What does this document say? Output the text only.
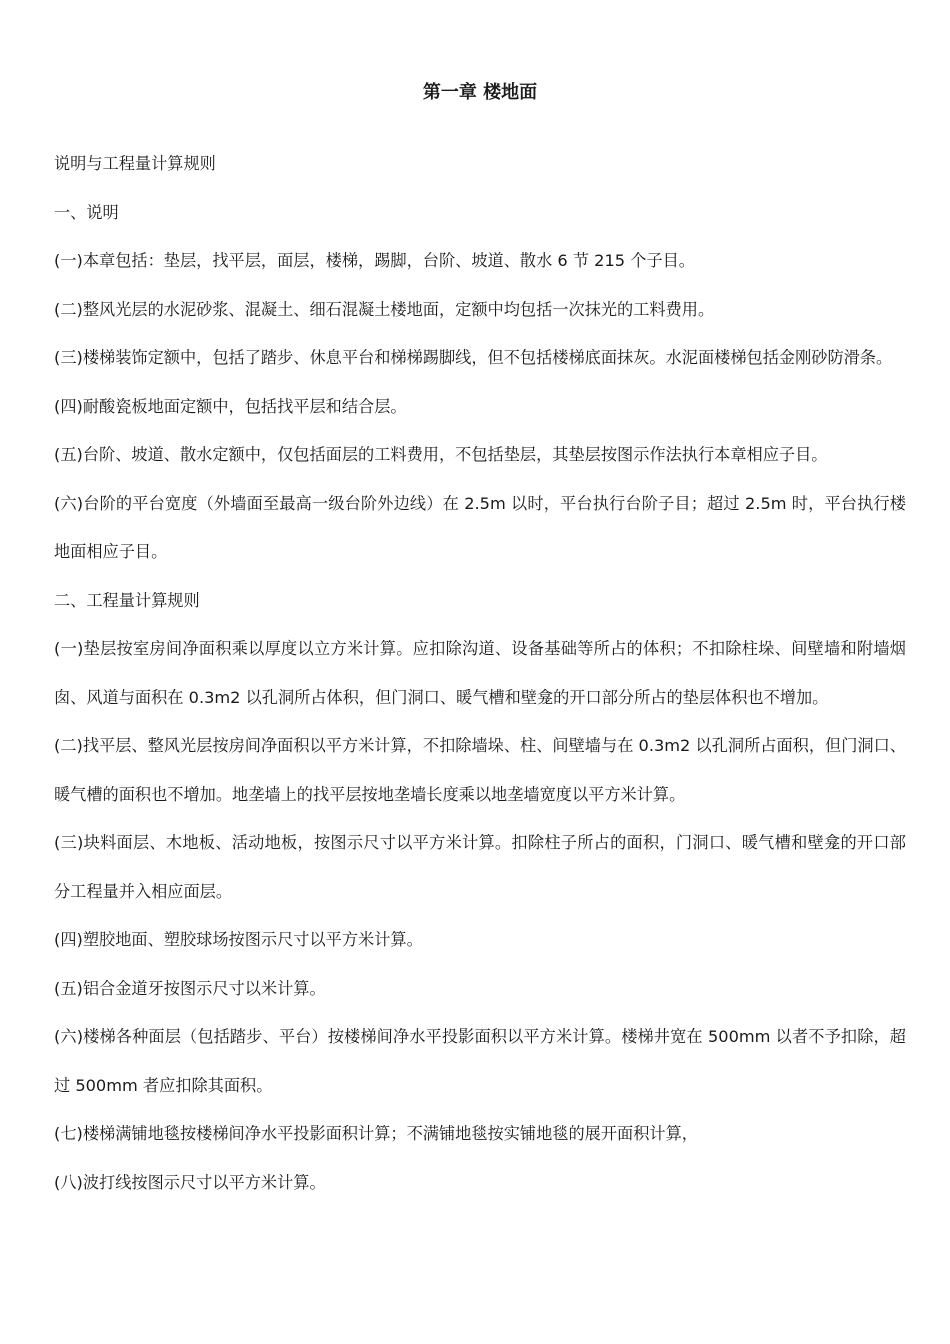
第一章 楼地面

说明与工程量计算规则

一、说明

(一)本章包括：垫层，找平层，面层，楼梯，踢脚，台阶、坡道、散水 6 节 215 个子目。

(二)整风光层的水泥砂浆、混凝土、细石混凝土楼地面，定额中均包括一次抹光的工料费用。

(三)楼梯装饰定额中，包括了踏步、休息平台和梯梯踢脚线，但不包括楼梯底面抹灰。水泥面楼梯包括金刚砂防滑条。

(四)耐酸瓷板地面定额中，包括找平层和结合层。

(五)台阶、坡道、散水定额中，仅包括面层的工料费用，不包括垫层，其垫层按图示作法执行本章相应子目。

(六)台阶的平台宽度（外墙面至最高一级台阶外边线）在 2.5m 以时，平台执行台阶子目；超过 2.5m 时，平台执行楼地面相应子目。

二、工程量计算规则

(一)垫层按室房间净面积乘以厚度以立方米计算。应扣除沟道、设备基础等所占的体积；不扣除柱垛、间壁墙和附墙烟囱、风道与面积在 0.3m2 以孔洞所占体积，但门洞口、暖气槽和壁龛的开口部分所占的垫层体积也不增加。

(二)找平层、整风光层按房间净面积以平方米计算，不扣除墙垛、柱、间壁墙与在 0.3m2 以孔洞所占面积，但门洞口、暖气槽的面积也不增加。地垄墙上的找平层按地垄墙长度乘以地垄墙宽度以平方米计算。

(三)块料面层、木地板、活动地板，按图示尺寸以平方米计算。扣除柱子所占的面积，门洞口、暖气槽和壁龛的开口部分工程量并入相应面层。

(四)塑胶地面、塑胶球场按图示尺寸以平方米计算。

(五)铝合金道牙按图示尺寸以米计算。

(六)楼梯各种面层（包括踏步、平台）按楼梯间净水平投影面积以平方米计算。楼梯井宽在 500mm 以者不予扣除，超过 500mm 者应扣除其面积。

(七)楼梯满铺地毯按楼梯间净水平投影面积计算；不满铺地毯按实铺地毯的展开面积计算，

(八)波打线按图示尺寸以平方米计算。
